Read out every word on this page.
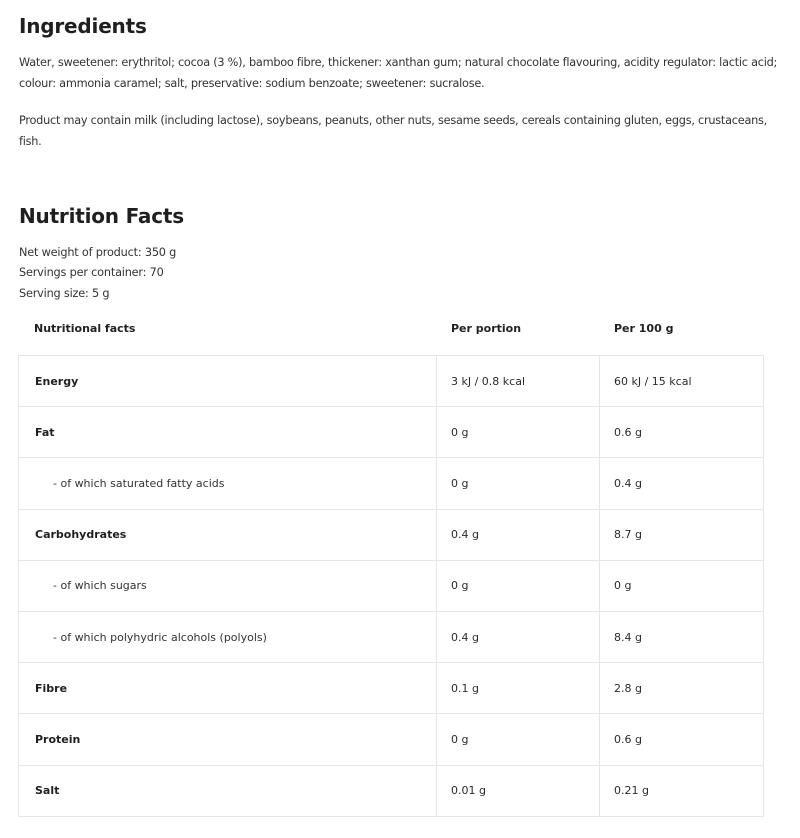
Ingredients

Water, sweetener: erythritol; cocoa (3 %), bamboo fibre, thickener: xanthan gum; natural chocolate flavouring, acidity regulator: lactic acid; colour: ammonia caramel; salt, preservative: sodium benzoate; sweetener: sucralose.

Product may contain milk (including lactose), soybeans, peanuts, other nuts, sesame seeds, cereals containing gluten, eggs, crustaceans, fish.

Nutrition Facts
Net weight of product: 350 g
Servings per container: 70
Serving size: 5 g
Nutritional facts	Per portion	Per 100 g
Energy	3 kJ / 0.8 kcal	60 kJ / 15 kcal
Fat	0 g	0.6 g
- of which saturated fatty acids	0 g	0.4 g
Carbohydrates	0.4 g	8.7 g
- of which sugars	0 g	0 g
- of which polyhydric alcohols (polyols)	0.4 g	8.4 g
Fibre	0.1 g	2.8 g
Protein	0 g	0.6 g
Salt	0.01 g	0.21 g
